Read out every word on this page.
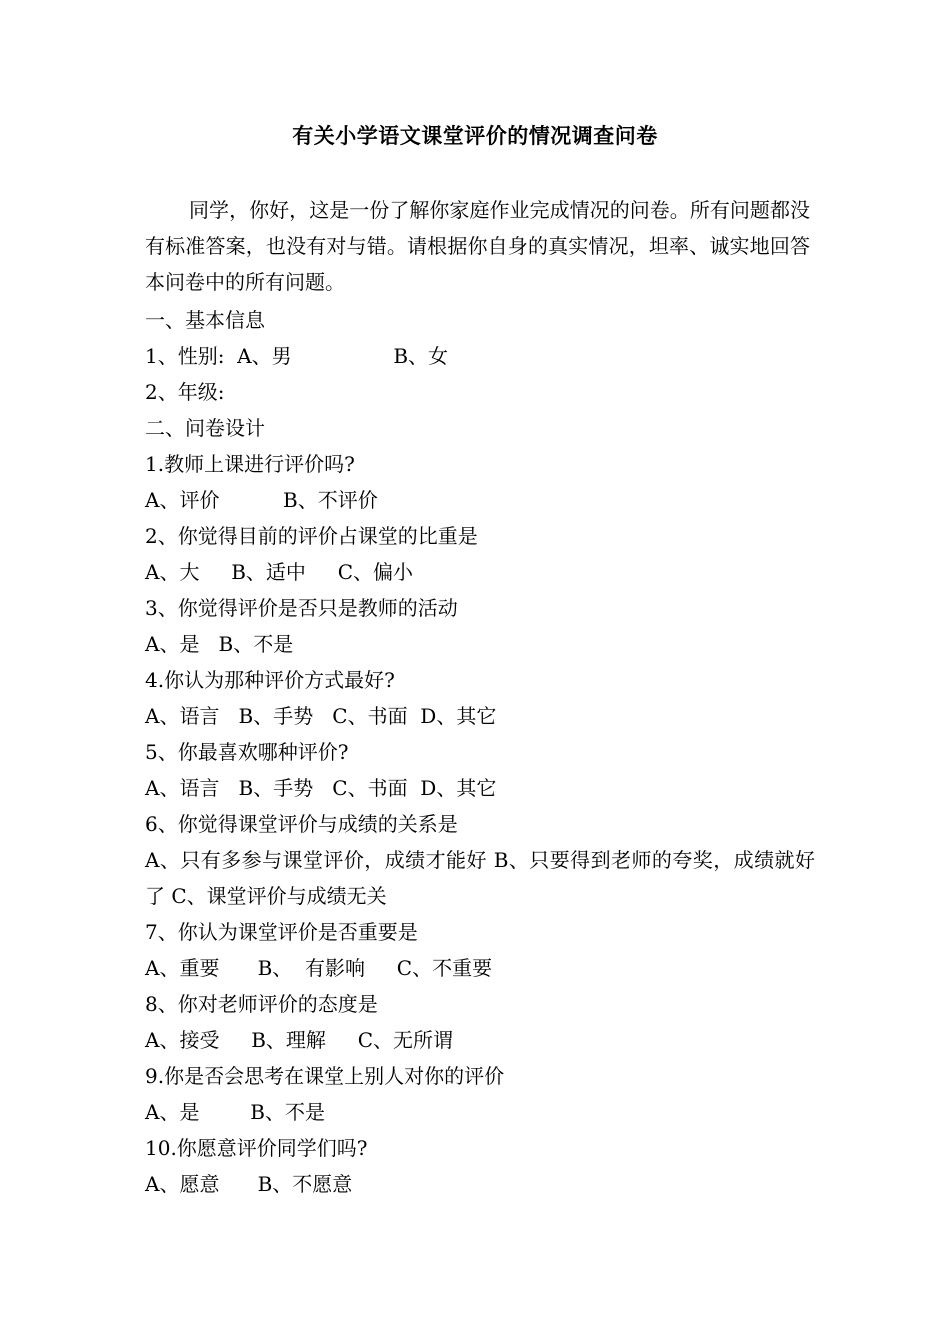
有关小学语文课堂评价的情况调查问卷
同学，你好，这是一份了解你家庭作业完成情况的问卷。所有问题都没有标准答案，也没有对与错。请根据你自身的真实情况，坦率、诚实地回答本问卷中的所有问题。
一、基本信息
1、性别:  A、男                B、女
2、年级:
二、问卷设计
1.教师上课进行评价吗?
A、评价          B、不评价
2、你觉得目前的评价占课堂的比重是
A、大     B、适中     C、偏小
3、你觉得评价是否只是教师的活动
A、是   B、不是
4.你认为那种评价方式最好?
A、语言   B、手势   C、书面  D、其它
5、你最喜欢哪种评价?
A、语言   B、手势   C、书面  D、其它
6、你觉得课堂评价与成绩的关系是
A、只有多参与课堂评价，成绩才能好 B、只要得到老师的夸奖，成绩就好了 C、课堂评价与成绩无关
7、你认为课堂评价是否重要是
A、重要      B、  有影响     C、不重要
8、你对老师评价的态度是
A、接受     B、理解     C、无所谓
9.你是否会思考在课堂上别人对你的评价
A、是        B、不是
10.你愿意评价同学们吗?
A、愿意      B、不愿意
